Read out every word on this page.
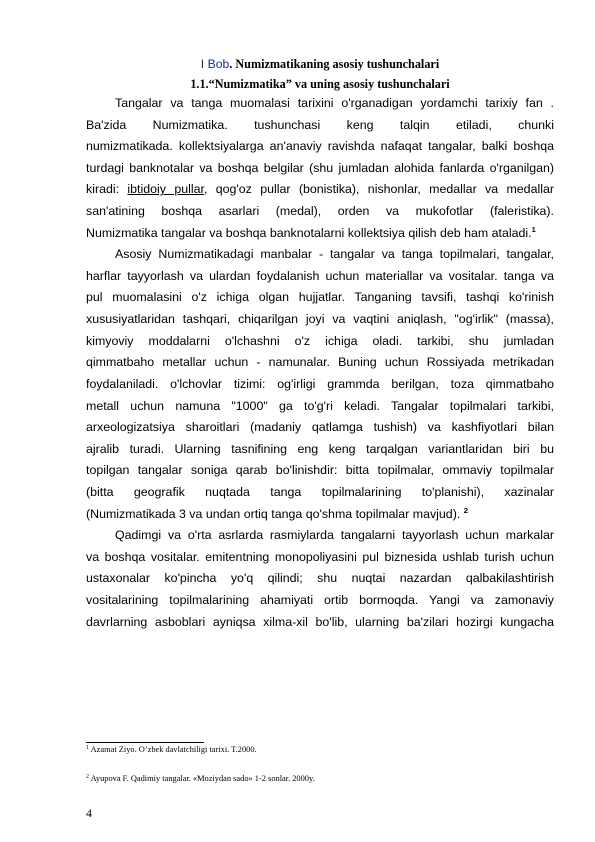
I Bob. Numizmatikaning asosiy tushunchalari
1.1.“Numizmatika” va uning asosiy tushunchalari
Tangalar va tanga muomalasi tarixini o'rganadigan yordamchi tarixiy fan .
Ba'zida Numizmatika. tushunchasi keng talqin etiladi, chunki
numizmatikada. kollektsiyalarga an'anaviy ravishda nafaqat tangalar, balki boshqa
turdagi banknotalar va boshqa belgilar (shu jumladan alohida fanlarda o'rganilgan)
kiradi: ibtidoiy pullar, qog'oz pullar (bonistika), nishonlar, medallar va medallar
san'atining boshqa asarlari (medal), orden va mukofotlar (faleristika).
Numizmatika tangalar va boshqa banknotalarni kollektsiya qilish deb ham ataladi.$^1$
Asosiy Numizmatikadagi manbalar - tangalar va tanga topilmalari, tangalar,
harflar tayyorlash va ulardan foydalanish uchun materiallar va vositalar. tanga va
pul muomalasini o'z ichiga olgan hujjatlar. Tanganing tavsifi, tashqi ko'rinish
xususiyatlaridan tashqari, chiqarilgan joyi va vaqtini aniqlash, "og'irlik" (massa),
kimyoviy moddalarni o'lchashni o'z ichiga oladi. tarkibi, shu jumladan
qimmatbaho metallar uchun - namunalar. Buning uchun Rossiyada metrikadan
foydalaniladi. o'lchovlar tizimi: og'irligi grammda berilgan, toza qimmatbaho
metall uchun namuna "1000" ga to'g'ri keladi. Tangalar topilmalari tarkibi,
arxeologizatsiya sharoitlari (madaniy qatlamga tushish) va kashfiyotlari bilan
ajralib turadi. Ularning tasnifining eng keng tarqalgan variantlaridan biri bu
topilgan tangalar soniga qarab bo'linishdir: bitta topilmalar, ommaviy topilmalar
(bitta geografik nuqtada tanga topilmalarining to'planishi), xazinalar
(Numizmatikada 3 va undan ortiq tanga qo'shma topilmalar mavjud). $^2$
Qadimgi va o'rta asrlarda rasmiylarda tangalarni tayyorlash uchun markalar
va boshqa vositalar. emitentning monopoliyasini pul biznesida ushlab turish uchun
ustaxonalar ko'pincha yo'q qilindi; shu nuqtai nazardan qalbakilashtirish
vositalarining topilmalarining ahamiyati ortib bormoqda. Yangi va zamonaviy
davrlarning asboblari ayniqsa xilma-xil bo'lib, ularning ba'zilari hozirgi kungacha
$^1$ Azamat Ziyo. O’zbek davlatchiligi tarixi. T.2000.
$^2$ Ayupova F. Qadimiy tangalar. «Moziydan sado» 1-2 sonlar. 2000y.
4
